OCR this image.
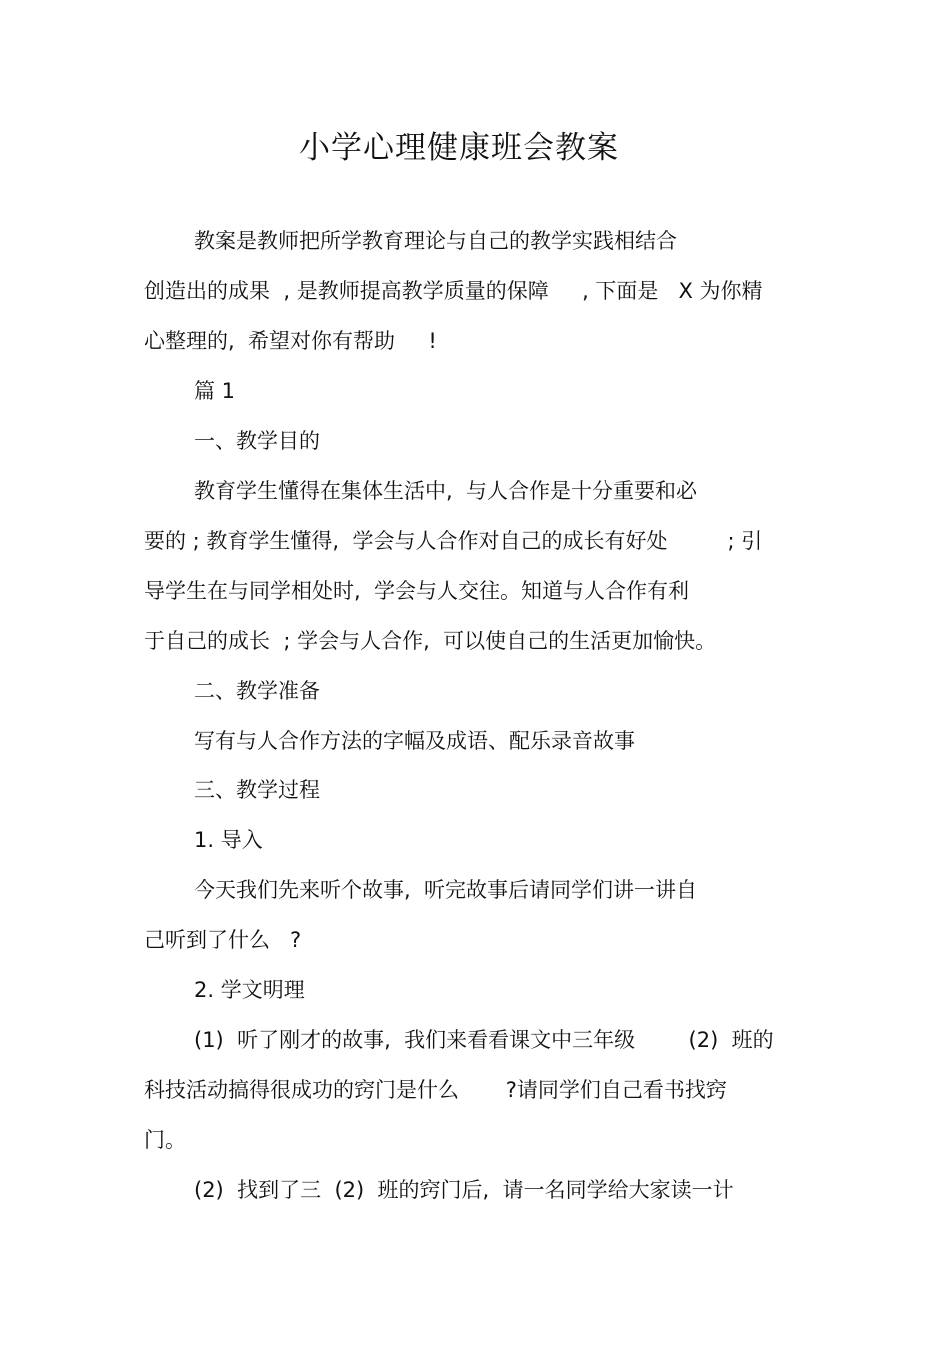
小学心理健康班会教案

教案是教师把所学教育理论与自己的教学实践相结合

创造出的成果  , 是教师提高教学质量的保障     , 下面是   X 为你精

心整理的,  希望对你有帮助     !

篇 1

一、教学目的

教育学生懂得在集体生活中,  与人合作是十分重要和必

要的 ; 教育学生懂得,  学会与人合作对自己的成长有好处         ; 引

导学生在与同学相处时,  学会与人交往。知道与人合作有利

于自己的成长  ; 学会与人合作,  可以使自己的生活更加愉快。

二、教学准备

写有与人合作方法的字幅及成语、配乐录音故事

三、教学过程

1. 导入

今天我们先来听个故事,  听完故事后请同学们讲一讲自

己听到了什么   ?

2. 学文明理

(1)  听了刚才的故事,  我们来看看课文中三年级        (2)  班的

科技活动搞得很成功的窍门是什么       ?请同学们自己看书找窍

门。

(2)  找到了三  (2)  班的窍门后,  请一名同学给大家读一计
